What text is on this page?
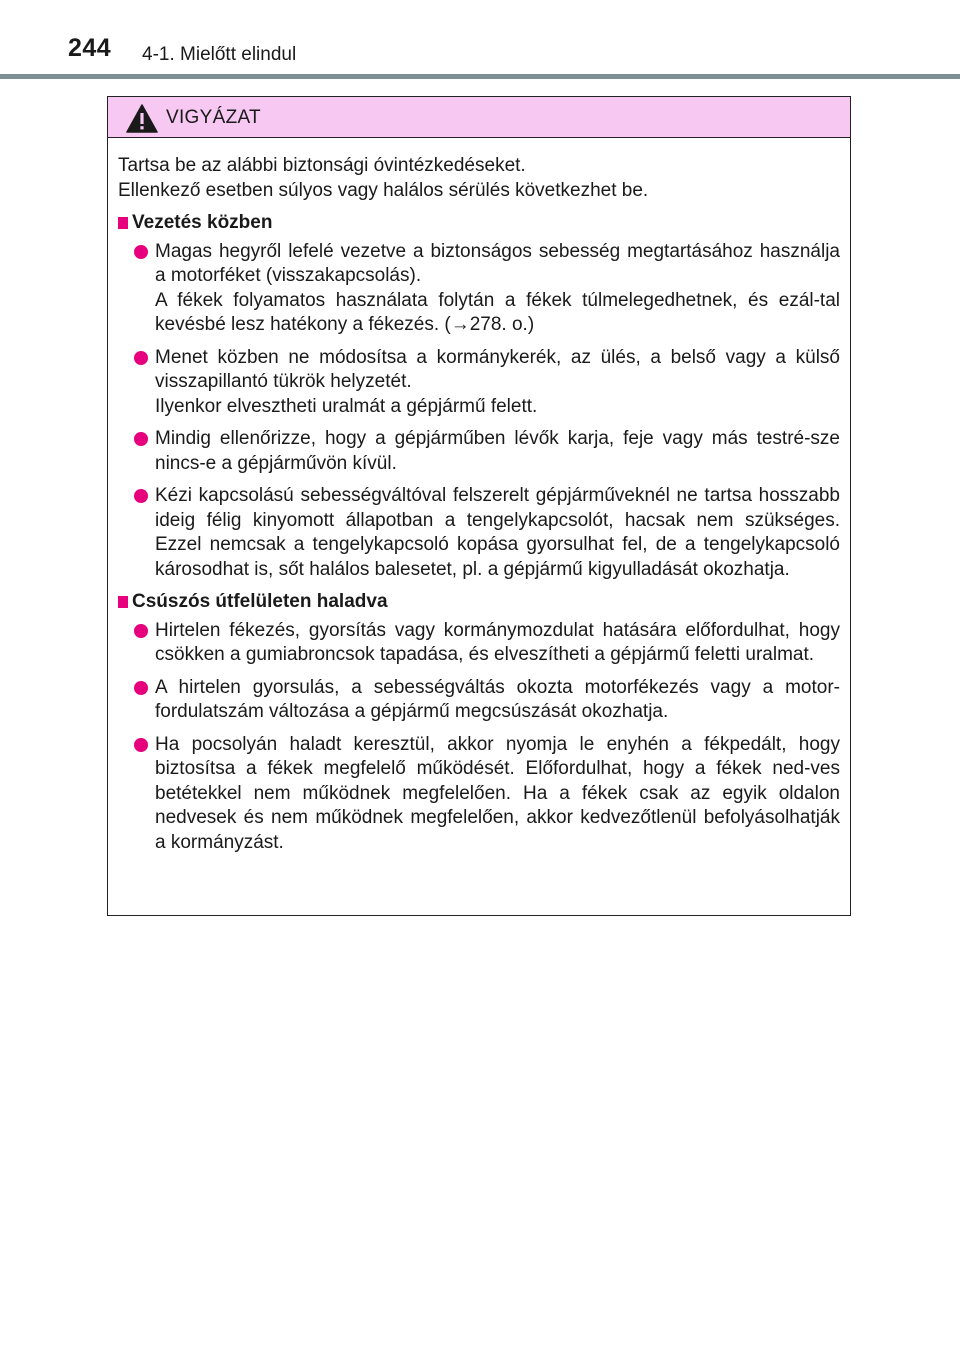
244 4-1. Mielőtt elindul
VIGYÁZAT
Tartsa be az alábbi biztonsági óvintézkedéseket.
Ellenkező esetben súlyos vagy halálos sérülés következhet be.
Vezetés közben
Magas hegyről lefelé vezetve a biztonságos sebesség megtartásához használja a motorféket (visszakapcsolás).
A fékek folyamatos használata folytán a fékek túlmelegedhetnek, és ezál-tal kevésbé lesz hatékony a fékezés. (→278. o.)
Menet közben ne módosítsa a kormánykerék, az ülés, a belső vagy a külső visszapillantó tükrök helyzetét.
Ilyenkor elvesztheti uralmát a gépjármű felett.
Mindig ellenőrizze, hogy a gépjárműben lévők karja, feje vagy más testré-sze nincs-e a gépjárművön kívül.
Kézi kapcsolású sebességváltóval felszerelt gépjárműveknél ne tartsa hosszabb ideig félig kinyomott állapotban a tengelykapcsolót, hacsak nem szükséges. Ezzel nemcsak a tengelykapcsoló kopása gyorsulhat fel, de a tengelykapcsoló károsodhat is, sőt halálos balesetet, pl. a gépjármű kigyulladását okozhatja.
Csúszós útfelületen haladva
Hirtelen fékezés, gyorsítás vagy kormánymozdulat hatására előfordulhat, hogy csökken a gumiabroncsok tapadása, és elveszítheti a gépjármű feletti uralmat.
A hirtelen gyorsulás, a sebességváltás okozta motorfékezés vagy a motor-fordulatszám változása a gépjármű megcsúszását okozhatja.
Ha pocsolyán haladt keresztül, akkor nyomja le enyhén a fékpedált, hogy biztosítsa a fékek megfelelő működését. Előfordulhat, hogy a fékek ned-ves betétekkel nem működnek megfelelően. Ha a fékek csak az egyik oldalon nedvesek és nem működnek megfelelően, akkor kedvezőtlenül befolyásolhatják a kormányzást.
